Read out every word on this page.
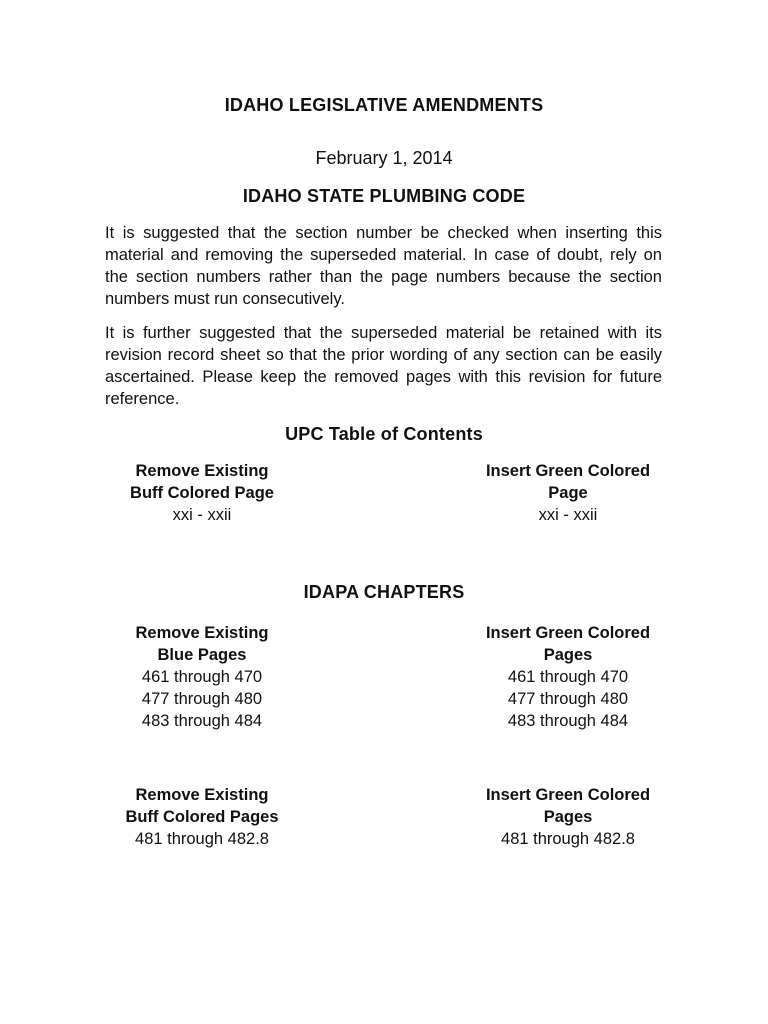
IDAHO LEGISLATIVE AMENDMENTS
February 1, 2014
IDAHO STATE PLUMBING CODE

It is suggested that the section number be checked when inserting this material and removing the superseded material. In case of doubt, rely on the section numbers rather than the page numbers because the section numbers must run consecutively.

It is further suggested that the superseded material be retained with its revision record sheet so that the prior wording of any section can be easily ascertained. Please keep the removed pages with this revision for future reference.

UPC Table of Contents
Remove Existing
Buff Colored Page
xxi - xxii
Insert Green Colored
Page
xxi - xxii
IDAPA CHAPTERS
Remove Existing
Blue Pages
461 through 470
477 through 480
483 through 484
Insert Green Colored
Pages
461 through 470
477 through 480
483 through 484
Remove Existing
Buff Colored Pages
481 through 482.8
Insert Green Colored
Pages
481 through 482.8
